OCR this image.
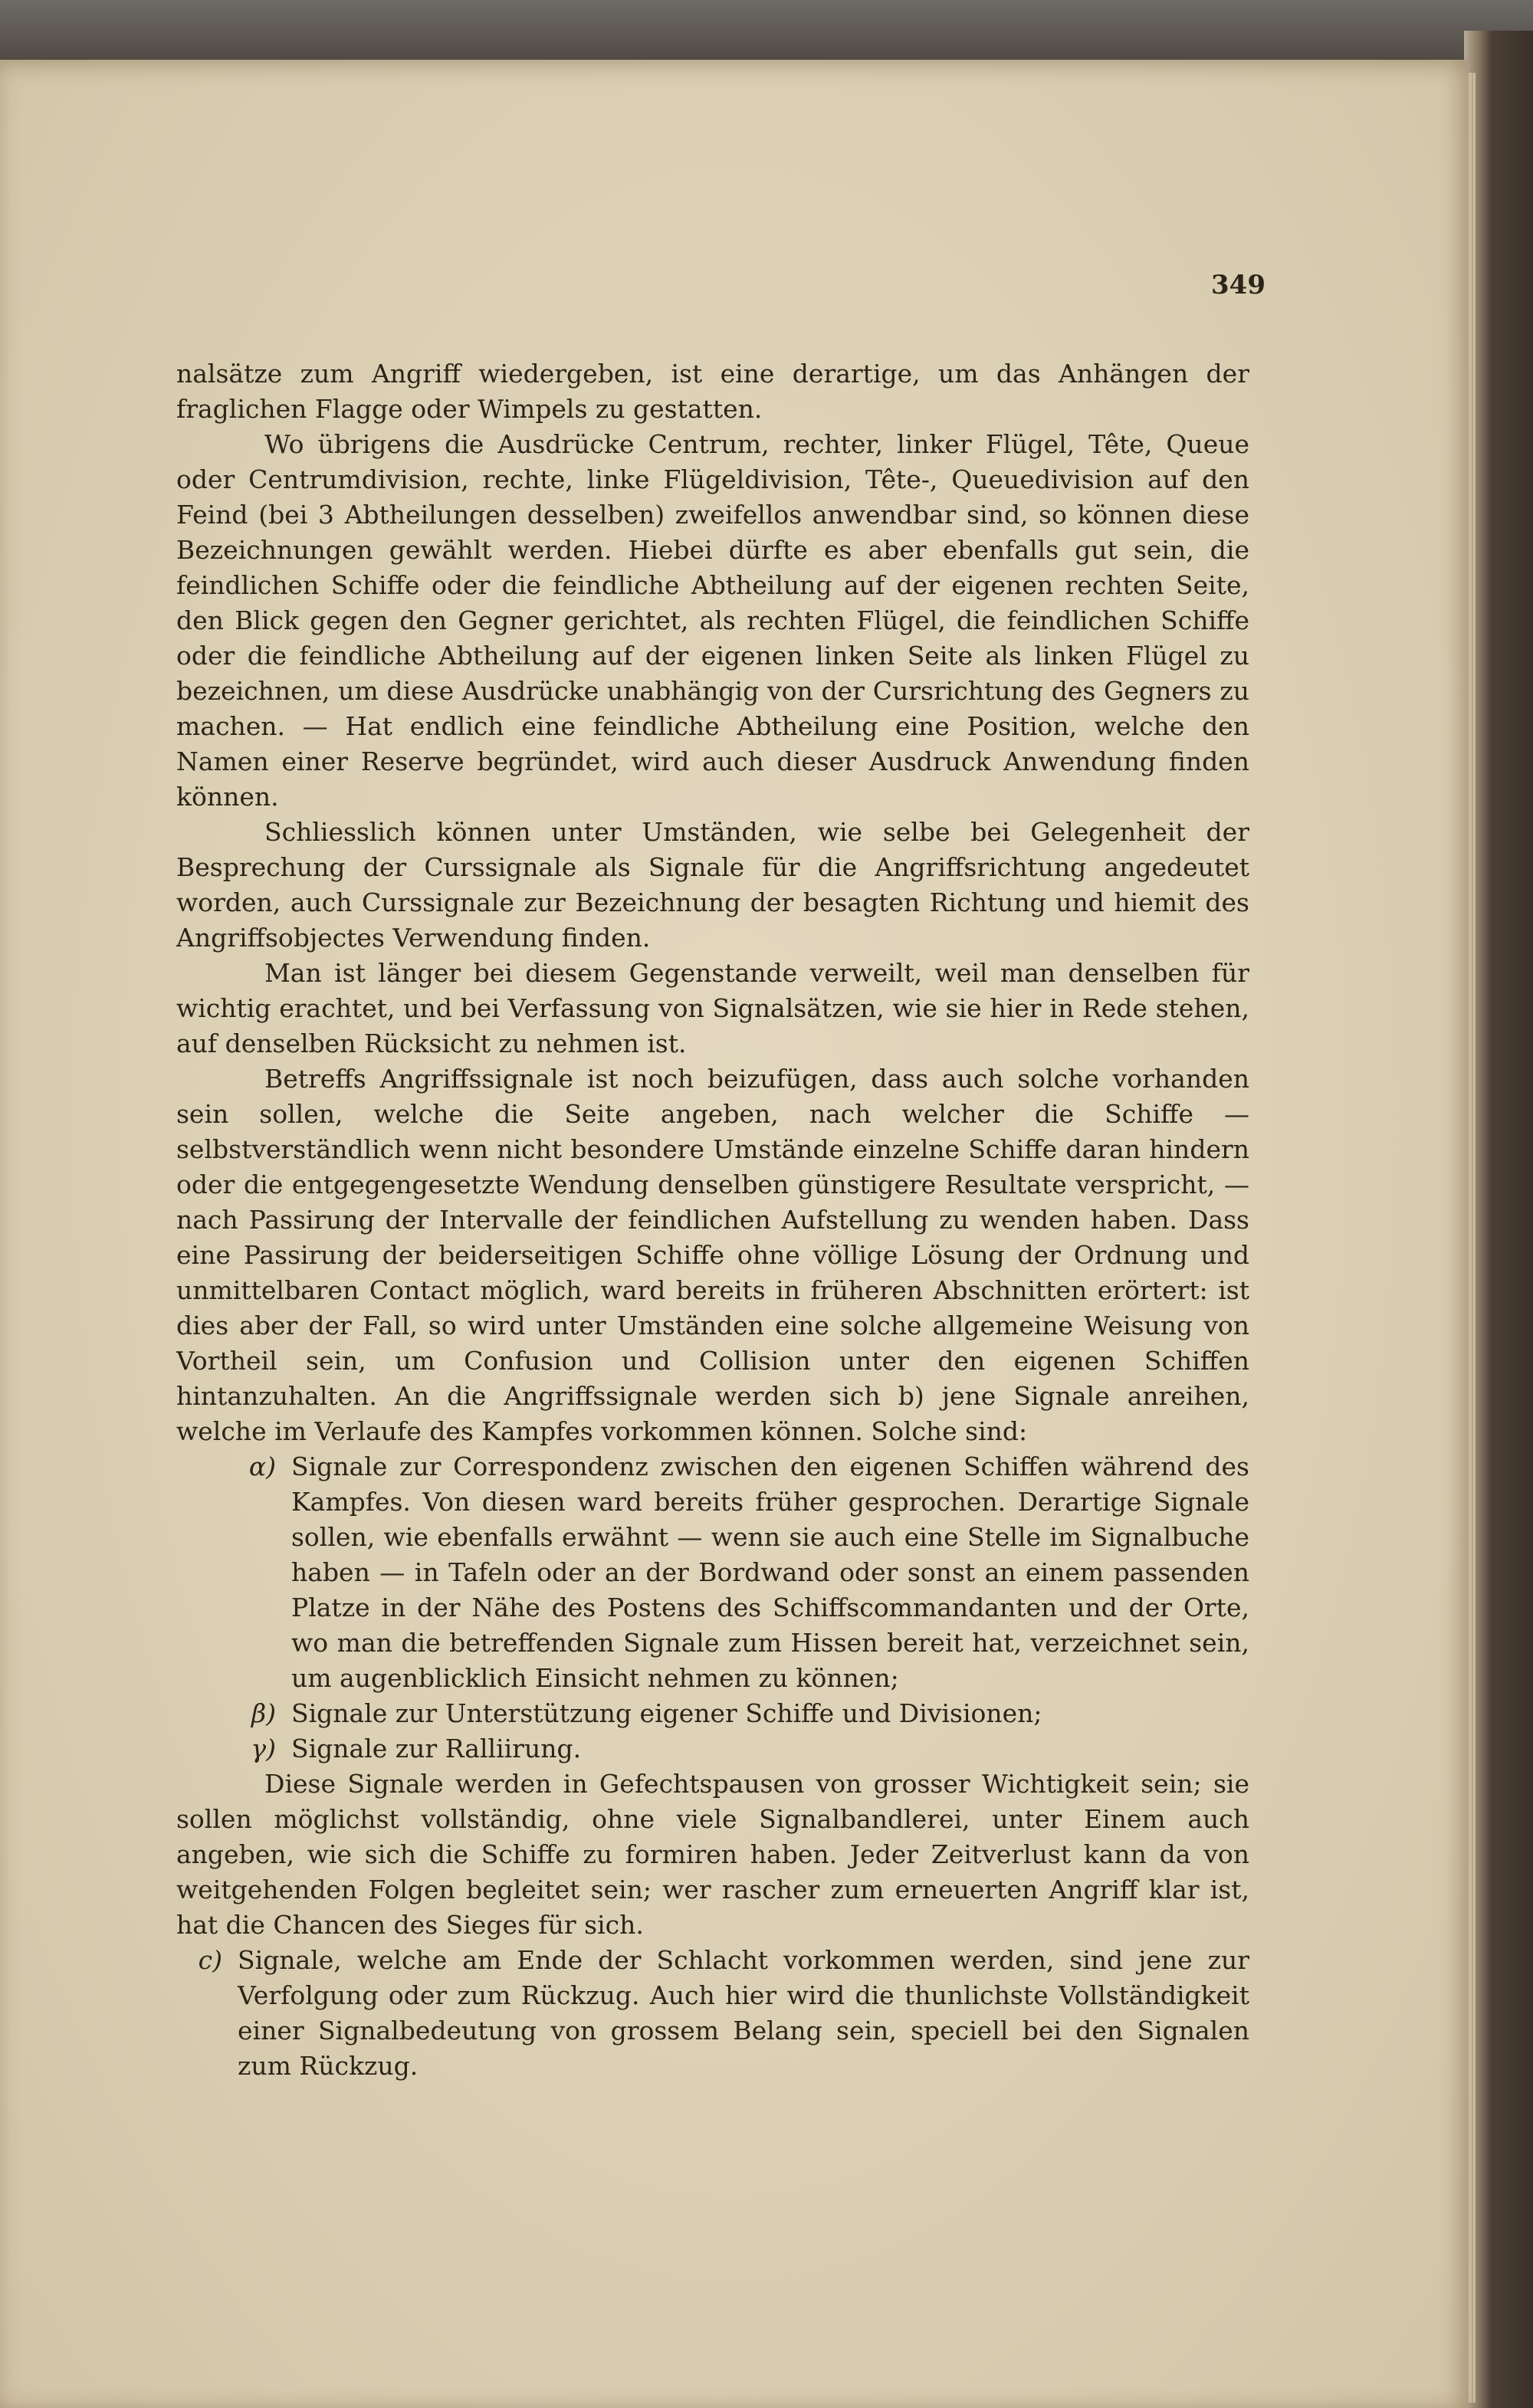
349

nalsätze zum Angriff wiedergeben, ist eine derartige, um das Anhängen der fraglichen Flagge oder Wimpels zu gestatten.

Wo übrigens die Ausdrücke Centrum, rechter, linker Flügel, Tête, Queue oder Centrumdivision, rechte, linke Flügeldivision, Tête-, Queuedivision auf den Feind (bei 3 Abtheilungen desselben) zweifellos anwendbar sind, so können diese Bezeichnungen gewählt werden. Hiebei dürfte es aber ebenfalls gut sein, die feindlichen Schiffe oder die feindliche Abtheilung auf der eigenen rechten Seite, den Blick gegen den Gegner gerichtet, als rechten Flügel, die feindlichen Schiffe oder die feindliche Abtheilung auf der eigenen linken Seite als linken Flügel zu bezeichnen, um diese Ausdrücke unabhängig von der Cursrichtung des Gegners zu machen. — Hat endlich eine feindliche Abtheilung eine Position, welche den Namen einer Reserve begründet, wird auch dieser Ausdruck Anwendung finden können.

Schliesslich können unter Umständen, wie selbe bei Gelegenheit der Besprechung der Curssignale als Signale für die Angriffsrichtung angedeutet worden, auch Curssignale zur Bezeichnung der besagten Richtung und hiemit des Angriffsobjectes Verwendung finden.

Man ist länger bei diesem Gegenstande verweilt, weil man denselben für wichtig erachtet, und bei Verfassung von Signalsätzen, wie sie hier in Rede stehen, auf denselben Rücksicht zu nehmen ist.

Betreffs Angriffssignale ist noch beizufügen, dass auch solche vorhanden sein sollen, welche die Seite angeben, nach welcher die Schiffe — selbstverständlich wenn nicht besondere Umstände einzelne Schiffe daran hindern oder die entgegengesetzte Wendung denselben günstigere Resultate verspricht, — nach Passirung der Intervalle der feindlichen Aufstellung zu wenden haben. Dass eine Passirung der beiderseitigen Schiffe ohne völlige Lösung der Ordnung und unmittelbaren Contact möglich, ward bereits in früheren Abschnitten erörtert: ist dies aber der Fall, so wird unter Umständen eine solche allgemeine Weisung von Vortheil sein, um Confusion und Collision unter den eigenen Schiffen hintanzuhalten. An die Angriffssignale werden sich b) jene Signale anreihen, welche im Verlaufe des Kampfes vorkommen können. Solche sind:

α) Signale zur Correspondenz zwischen den eigenen Schiffen während des Kampfes. Von diesen ward bereits früher gesprochen. Derartige Signale sollen, wie ebenfalls erwähnt — wenn sie auch eine Stelle im Signalbuche haben — in Tafeln oder an der Bordwand oder sonst an einem passenden Platze in der Nähe des Postens des Schiffscommandanten und der Orte, wo man die betreffenden Signale zum Hissen bereit hat, verzeichnet sein, um augenblicklich Einsicht nehmen zu können;
β) Signale zur Unterstützung eigener Schiffe und Divisionen;
γ) Signale zur Ralliirung.

Diese Signale werden in Gefechtspausen von grosser Wichtigkeit sein; sie sollen möglichst vollständig, ohne viele Signalbandlerei, unter Einem auch angeben, wie sich die Schiffe zu formiren haben. Jeder Zeitverlust kann da von weitgehenden Folgen begleitet sein; wer rascher zum erneuerten Angriff klar ist, hat die Chancen des Sieges für sich.

c) Signale, welche am Ende der Schlacht vorkommen werden, sind jene zur Verfolgung oder zum Rückzug. Auch hier wird die thunlichste Vollständigkeit einer Signalbedeutung von grossem Belang sein, speciell bei den Signalen zum Rückzug.
